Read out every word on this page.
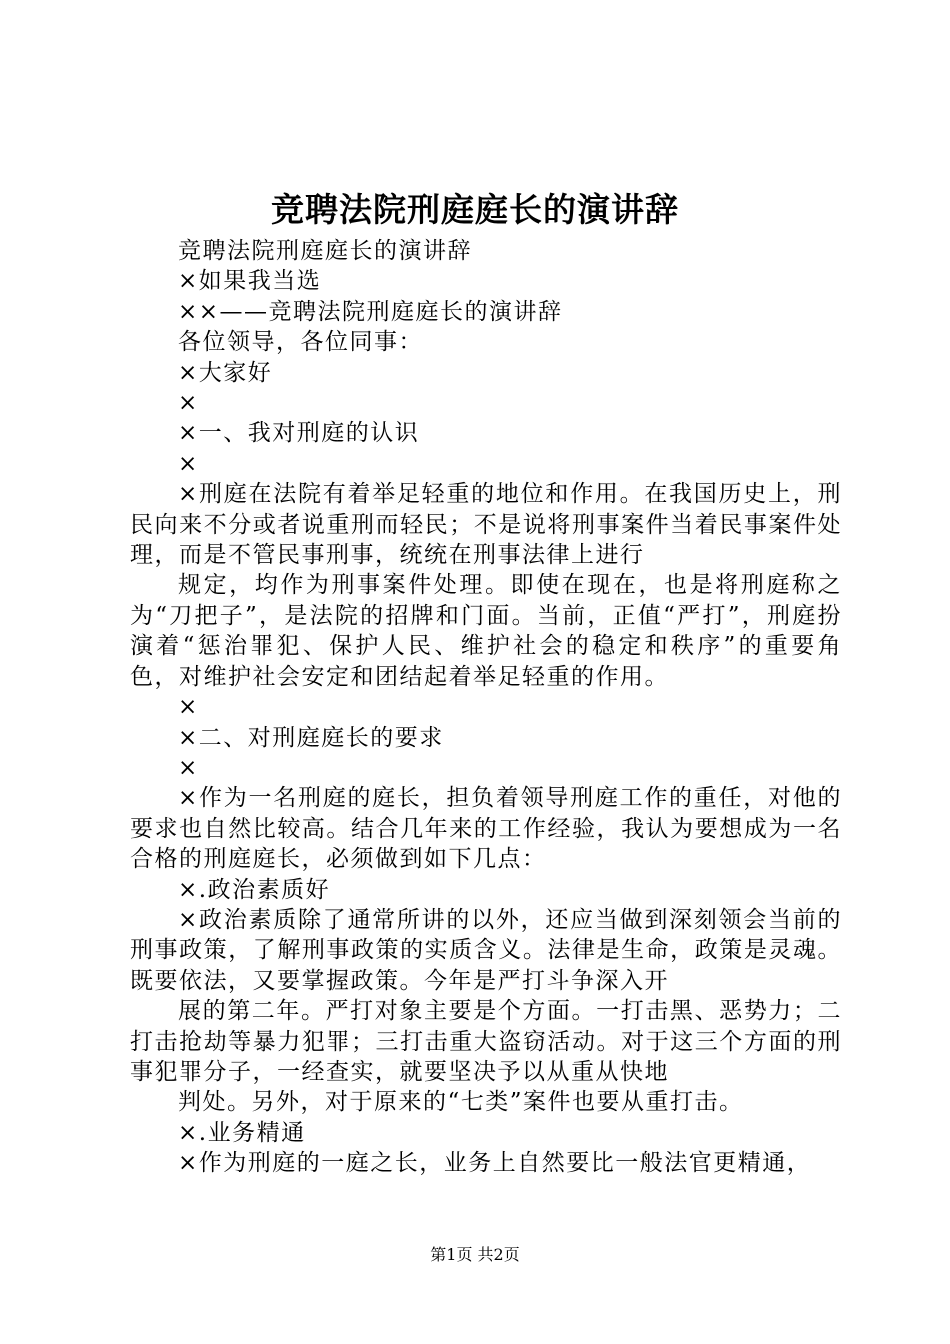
竞聘法院刑庭庭长的演讲辞

竞聘法院刑庭庭长的演讲辞

×如果我当选

××——竞聘法院刑庭庭长的演讲辞

各位领导，各位同事：

×大家好

×

×一、我对刑庭的认识

×

×刑庭在法院有着举足轻重的地位和作用。在我国历史上，刑民向来不分或者说重刑而轻民；不是说将刑事案件当着民事案件处理，而是不管民事刑事，统统在刑事法律上进行

规定，均作为刑事案件处理。即使在现在，也是将刑庭称之为“刀把子”，是法院的招牌和门面。当前，正值“严打”，刑庭扮演着“惩治罪犯、保护人民、维护社会的稳定和秩序”的重要角色，对维护社会安定和团结起着举足轻重的作用。

×

×二、对刑庭庭长的要求

×

×作为一名刑庭的庭长，担负着领导刑庭工作的重任，对他的要求也自然比较高。结合几年来的工作经验，我认为要想成为一名合格的刑庭庭长，必须做到如下几点：

×.政治素质好

×政治素质除了通常所讲的以外，还应当做到深刻领会当前的刑事政策，了解刑事政策的实质含义。法律是生命，政策是灵魂。既要依法，又要掌握政策。今年是严打斗争深入开

展的第二年。严打对象主要是个方面。一打击黑、恶势力；二打击抢劫等暴力犯罪；三打击重大盗窃活动。对于这三个方面的刑事犯罪分子，一经查实，就要坚决予以从重从快地

判处。另外，对于原来的“七类”案件也要从重打击。

×.业务精通

×作为刑庭的一庭之长，业务上自然要比一般法官更精通，

第1页 共2页
